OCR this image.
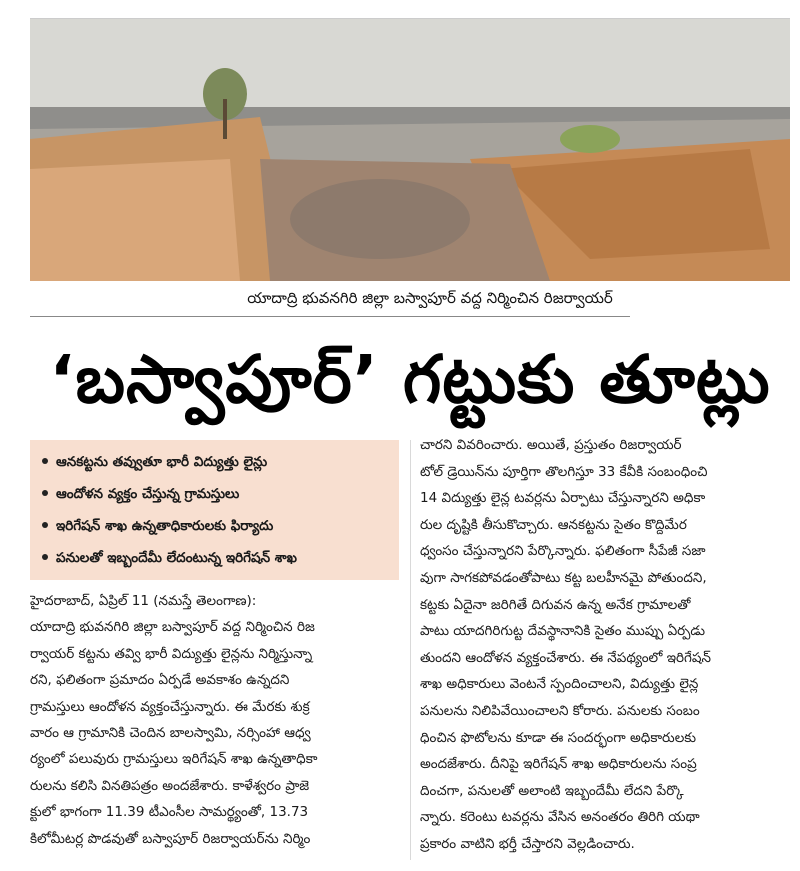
యాదాద్రి భువనగిరి జిల్లా బస్వాపూర్ వద్ద నిర్మించిన రిజర్వాయర్
‘బస్వాపూర్’ గట్టుకు తూట్లు
ఆనకట్టను తవ్వుతూ భారీ విద్యుత్తు లైన్లు
ఆందోళన వ్యక్తం చేస్తున్న గ్రామస్తులు
ఇరిగేషన్ శాఖ ఉన్నతాధికారులకు ఫిర్యాదు
పనులతో ఇబ్బందేమీ లేదంటున్న ఇరిగేషన్ శాఖ
హైదరాబాద్, ఏప్రిల్ 11 (నమస్తే తెలంగాణ):
యాదాద్రి భువనగిరి జిల్లా బస్వాపూర్ వద్ద నిర్మించిన రిజ
ర్వాయర్ కట్టను తవ్వి భారీ విద్యుత్తు లైన్లను నిర్మిస్తున్నా
రని, ఫలితంగా ప్రమాదం ఏర్పడే అవకాశం ఉన్నదని
గ్రామస్తులు ఆందోళన వ్యక్తంచేస్తున్నారు. ఈ మేరకు శుక్ర
వారం ఆ గ్రామానికి చెందిన బాలస్వామి, నర్సింహా ఆధ్వ
ర్యంలో పలువురు గ్రామస్తులు ఇరిగేషన్ శాఖ ఉన్నతాధికా
రులను కలిసి వినతిపత్రం అందజేశారు. కాళేశ్వరం ప్రాజె
క్టులో భాగంగా 11.39 టీఎంసీల సామర్థ్యంతో, 13.73
కిలోమీటర్ల పొడవుతో బస్వాపూర్ రిజర్వాయర్‌ను నిర్మిం
చారని వివరించారు. అయితే, ప్రస్తుతం రిజర్వాయర్
టోల్ డ్రెయిన్‌ను పూర్తిగా తొలగిస్తూ 33 కేవీకి సంబంధించి
14 విద్యుత్తు లైన్ల టవర్లను ఏర్పాటు చేస్తున్నారని అధికా
రుల దృష్టికి తీసుకొచ్చారు. ఆనకట్టను సైతం కొద్దిమేర
ధ్వంసం చేస్తున్నారని పేర్కొన్నారు. ఫలితంగా సీపేజీ సజా
వుగా సాగకపోవడంతోపాటు కట్ట బలహీనమై పోతుందని,
కట్టకు ఏదైనా జరిగితే దిగువన ఉన్న అనేక గ్రామాలతో
పాటు యాదగిరిగుట్ట దేవస్థానానికి సైతం ముప్పు ఏర్పడు
తుందని ఆందోళన వ్యక్తంచేశారు. ఈ నేపథ్యంలో ఇరిగేషన్
శాఖ అధికారులు వెంటనే స్పందించాలని, విద్యుత్తు లైన్ల
పనులను నిలిపివేయించాలని కోరారు. పనులకు సంబం
ధించిన ఫొటోలను కూడా ఈ సందర్భంగా అధికారులకు
అందజేశారు. దీనిపై ఇరిగేషన్ శాఖ అధికారులను సంప్ర
దించగా, పనులతో అలాంటి ఇబ్బందేమీ లేదని పేర్కొ
న్నారు. కరెంటు టవర్లను వేసిన అనంతరం తిరిగి యథా
ప్రకారం వాటిని భర్తీ చేస్తారని వెల్లడించారు.
